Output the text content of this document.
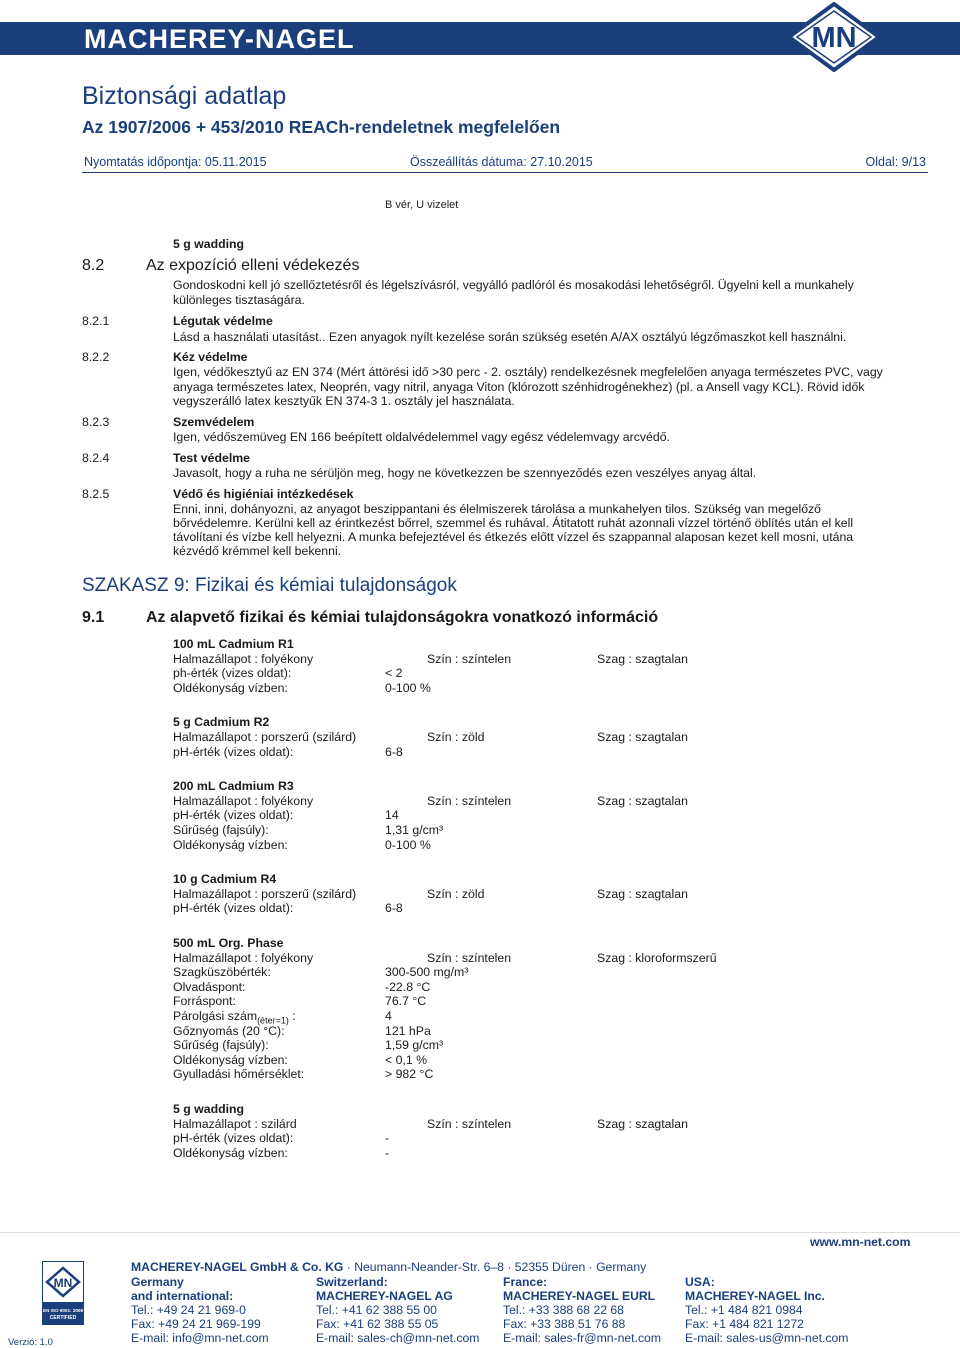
MACHEREY-NAGEL	MN
Biztonsági adatlap
Az 1907/2006 + 453/2010 REACh-rendeletnek megfelelően
Nyomtatás időpontja: 05.11.2015	Összeállítás dátuma: 27.10.2015	Oldal: 9/13
B vér, U vizelet
5 g wadding
8.2	Az expozíció elleni védekezés
Gondoskodni kell jó szellőztetésről és légelszívásról, vegyálló padlóról és mosakodási lehetőségről. Ügyelni kell a munkahely
különleges tisztaságára.
8.2.1	Légutak védelme
Lásd a használati utasítást.. Ezen anyagok nyílt kezelése során szükség esetén A/AX osztályú légzőmaszkot kell használni.
8.2.2	Kéz védelme
Igen, védőkesztyű az EN 374 (Mért áttörési idő >30 perc - 2. osztály) rendelkezésnek megfelelően anyaga természetes PVC, vagy
anyaga természetes latex, Neoprén, vagy nitril, anyaga Viton (klórozott szénhidrogénekhez) (pl. a Ansell vagy KCL). Rövid idők
vegyszerálló latex kesztyűk EN 374-3 1. osztály jel használata.
8.2.3	Szemvédelem
Igen, védőszemüveg EN 166 beépített oldalvédelemmel vagy egész védelemvagy arcvédő.
8.2.4	Test védelme
Javasolt, hogy a ruha ne sérüljön meg, hogy ne következzen be szennyeződés ezen veszélyes anyag által.
8.2.5	Védő és higiéniai intézkedések
Enni, inni, dohányozni, az anyagot beszippantani és élelmiszerek tárolása a munkahelyen tilos. Szükség van megelőző
bőrvédelemre. Kerülni kell az érintkezést bőrrel, szemmel és ruhával. Átitatott ruhát azonnali vízzel történő öblítés után el kell
távolítani és vízbe kell helyezni. A munka befejeztével és étkezés előtt vízzel és szappannal alaposan kezet kell mosni, utána
kézvédő krémmel kell bekenni.
SZAKASZ 9: Fizikai és kémiai tulajdonságok
9.1	Az alapvető fizikai és kémiai tulajdonságokra vonatkozó információ
100 mL Cadmium R1
Halmazállapot : folyékony	Szín : színtelen	Szag : szagtalan
ph-érték (vizes oldat):	< 2
Oldékonyság vízben:	0-100 %
5 g Cadmium R2
Halmazállapot : porszerű (szilárd)	Szín : zöld	Szag : szagtalan
pH-érték (vizes oldat):	6-8
200 mL Cadmium R3
Halmazállapot : folyékony	Szín : színtelen	Szag : szagtalan
pH-érték (vizes oldat):	14
Sűrűség (fajsúly):	1,31 g/cm³
Oldékonyság vízben:	0-100 %
10 g Cadmium R4
Halmazállapot : porszerű (szilárd)	Szín : zöld	Szag : szagtalan
pH-érték (vizes oldat):	6-8
500 mL Org. Phase
Halmazállapot : folyékony	Szín : színtelen	Szag : kloroformszerű
Szagküszöbérték:	300-500 mg/m³
Olvadáspont:	-22.8 °C
Forráspont:	76.7 °C
Párolgási szám$_{(éter=1)}$ :	4
Gőznyomás (20 °C):	121 hPa
Sűrűség (fajsúly):	1,59 g/cm³
Oldékonyság vízben:	< 0,1 %
Gyulladási hőmérséklet:	> 982 °C
5 g wadding
Halmazállapot : szilárd	Szín : színtelen	Szag : szagtalan
pH-érték (vizes oldat):	-
Oldékonyság vízben:	-
www.mn-net.com
MACHEREY-NAGEL GmbH & Co. KG · Neumann-Neander-Str. 6–8 · 52355 Düren · Germany
MN
EN ISO 9001: 2008
CERTIFIED
Verzió: 1.0
Germany
and international:
Tel.: +49 24 21 969-0
Fax: +49 24 21 969-199
E-mail: info@mn-net.com
Switzerland:
MACHEREY-NAGEL AG
Tel.: +41 62 388 55 00
Fax: +41 62 388 55 05
E-mail: sales-ch@mn-net.com
France:
MACHEREY-NAGEL EURL
Tel.: +33 388 68 22 68
Fax: +33 388 51 76 88
E-mail: sales-fr@mn-net.com
USA:
MACHEREY-NAGEL Inc.
Tel.: +1 484 821 0984
Fax: +1 484 821 1272
E-mail: sales-us@mn-net.com
